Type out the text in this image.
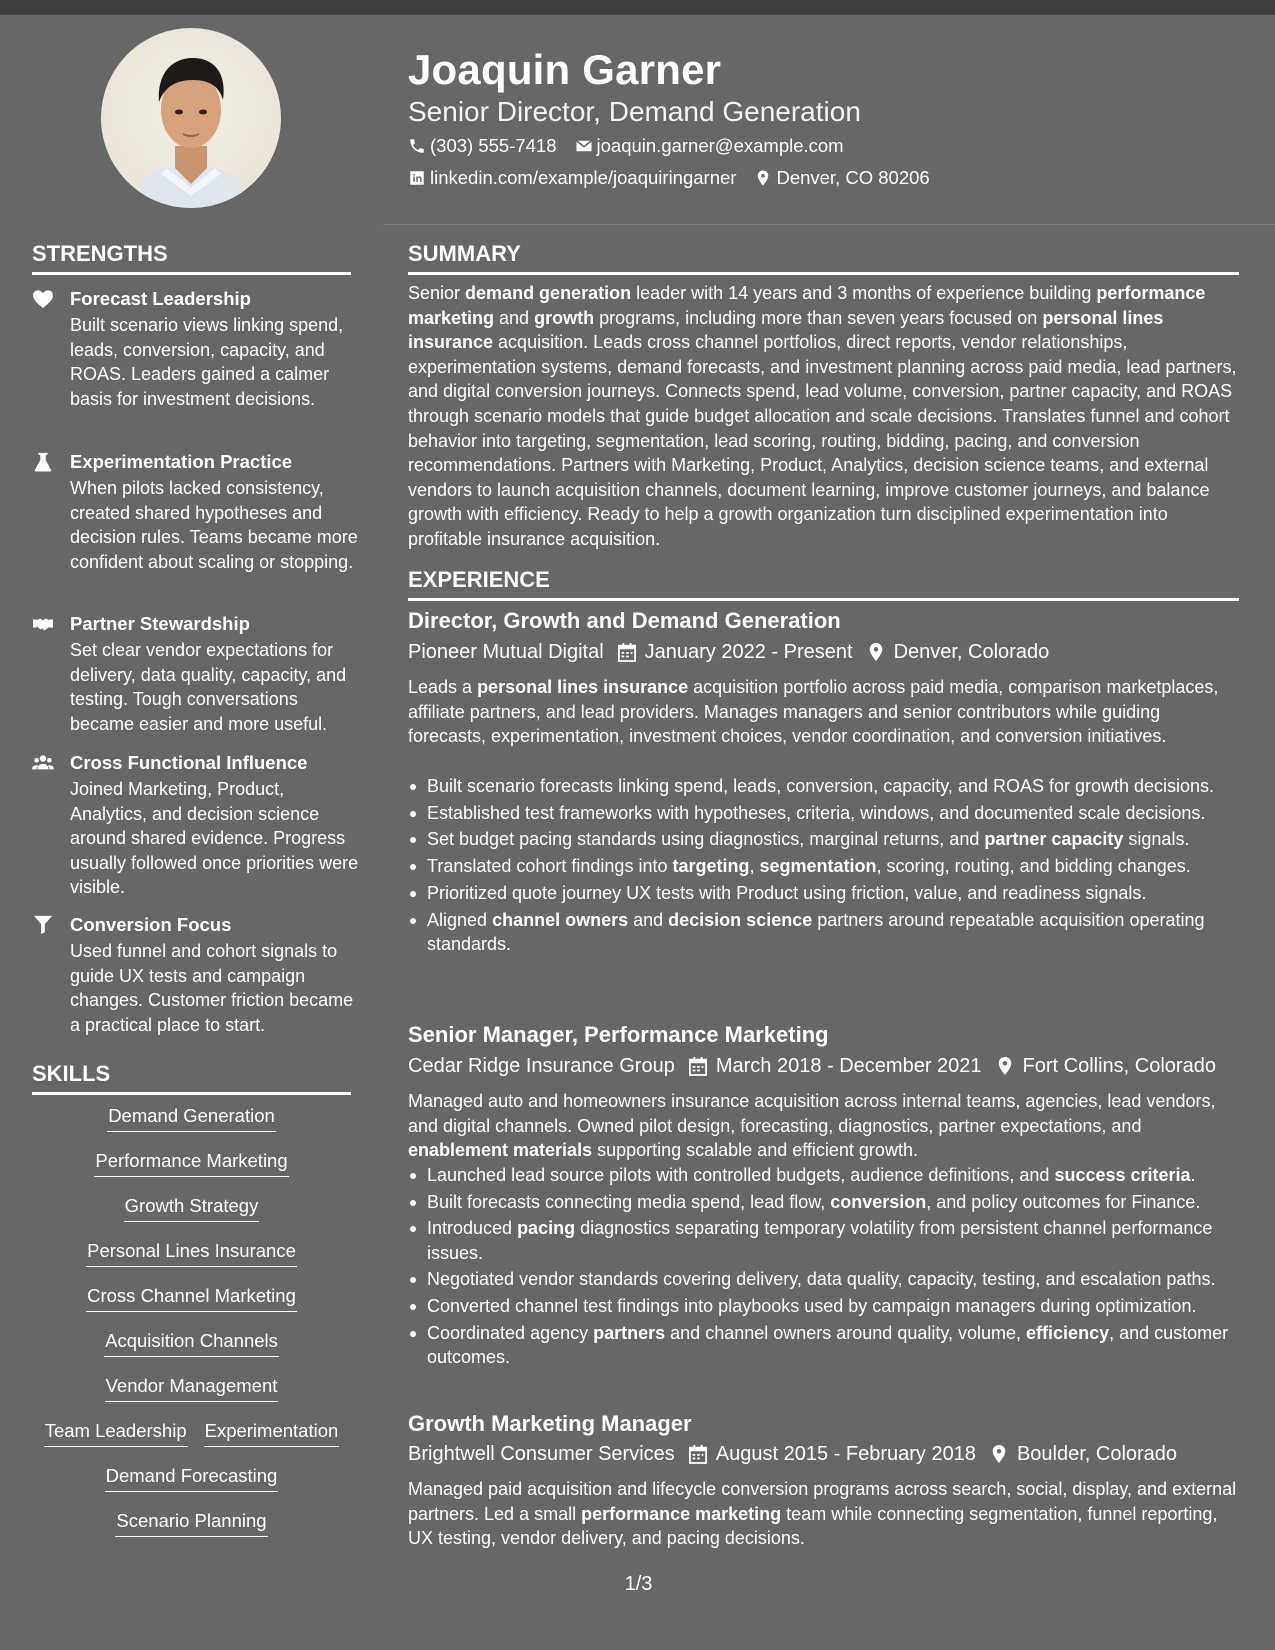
Joaquin Garner
Senior Director, Demand Generation
(303) 555-7418 joaquin.garner@example.com
linkedin.com/example/joaquiringarner Denver, CO 80206
STRENGTHS
Forecast Leadership
Built scenario views linking spend, leads, conversion, capacity, and ROAS. Leaders gained a calmer basis for investment decisions.
Experimentation Practice
When pilots lacked consistency, created shared hypotheses and decision rules. Teams became more confident about scaling or stopping.
Partner Stewardship
Set clear vendor expectations for delivery, data quality, capacity, and testing. Tough conversations became easier and more useful.
Cross Functional Influence
Joined Marketing, Product, Analytics, and decision science around shared evidence. Progress usually followed once priorities were visible.
Conversion Focus
Used funnel and cohort signals to guide UX tests and campaign changes. Customer friction became a practical place to start.
SKILLS
Demand Generation
Performance Marketing
Growth Strategy
Personal Lines Insurance
Cross Channel Marketing
Acquisition Channels
Vendor Management
Team Leadership Experimentation
Demand Forecasting
Scenario Planning
SUMMARY
Senior demand generation leader with 14 years and 3 months of experience building performance marketing and growth programs, including more than seven years focused on personal lines insurance acquisition. Leads cross channel portfolios, direct reports, vendor relationships, experimentation systems, demand forecasts, and investment planning across paid media, lead partners, and digital conversion journeys. Connects spend, lead volume, conversion, partner capacity, and ROAS through scenario models that guide budget allocation and scale decisions. Translates funnel and cohort behavior into targeting, segmentation, lead scoring, routing, bidding, pacing, and conversion recommendations. Partners with Marketing, Product, Analytics, decision science teams, and external vendors to launch acquisition channels, document learning, improve customer journeys, and balance growth with efficiency. Ready to help a growth organization turn disciplined experimentation into profitable insurance acquisition.
EXPERIENCE
Director, Growth and Demand Generation
Pioneer Mutual Digital January 2022 - Present Denver, Colorado
Leads a personal lines insurance acquisition portfolio across paid media, comparison marketplaces, affiliate partners, and lead providers. Manages managers and senior contributors while guiding forecasts, experimentation, investment choices, vendor coordination, and conversion initiatives.
Built scenario forecasts linking spend, leads, conversion, capacity, and ROAS for growth decisions.
Established test frameworks with hypotheses, criteria, windows, and documented scale decisions.
Set budget pacing standards using diagnostics, marginal returns, and partner capacity signals.
Translated cohort findings into targeting, segmentation, scoring, routing, and bidding changes.
Prioritized quote journey UX tests with Product using friction, value, and readiness signals.
Aligned channel owners and decision science partners around repeatable acquisition operating standards.
Senior Manager, Performance Marketing
Cedar Ridge Insurance Group March 2018 - December 2021 Fort Collins, Colorado
Managed auto and homeowners insurance acquisition across internal teams, agencies, lead vendors, and digital channels. Owned pilot design, forecasting, diagnostics, partner expectations, and enablement materials supporting scalable and efficient growth.
Launched lead source pilots with controlled budgets, audience definitions, and success criteria.
Built forecasts connecting media spend, lead flow, conversion, and policy outcomes for Finance.
Introduced pacing diagnostics separating temporary volatility from persistent channel performance issues.
Negotiated vendor standards covering delivery, data quality, capacity, testing, and escalation paths.
Converted channel test findings into playbooks used by campaign managers during optimization.
Coordinated agency partners and channel owners around quality, volume, efficiency, and customer outcomes.
Growth Marketing Manager
Brightwell Consumer Services August 2015 - February 2018 Boulder, Colorado
Managed paid acquisition and lifecycle conversion programs across search, social, display, and external partners. Led a small performance marketing team while connecting segmentation, funnel reporting, UX testing, vendor delivery, and pacing decisions.
1/3
